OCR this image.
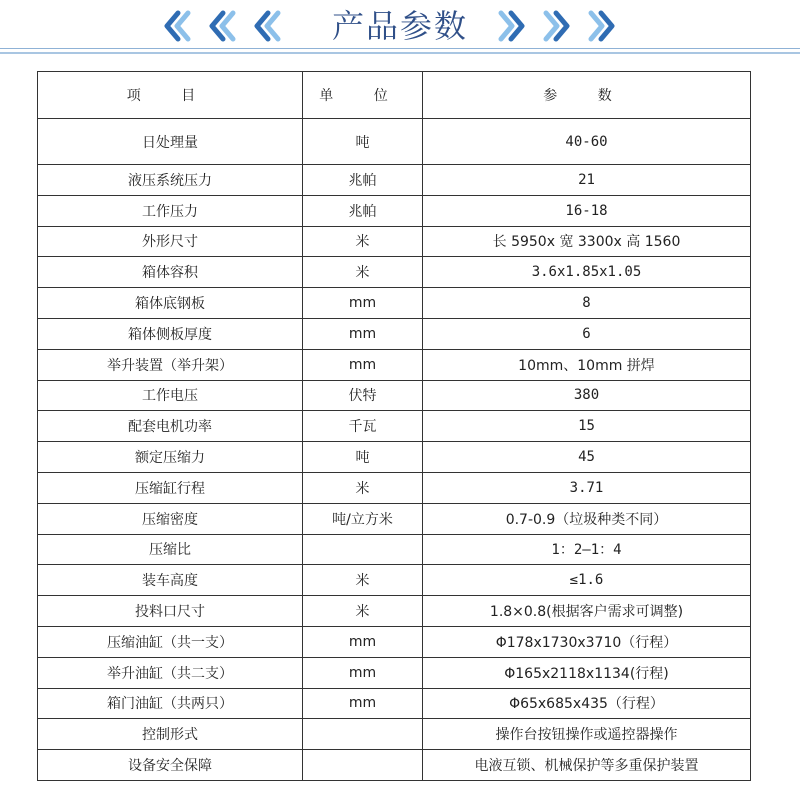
产品参数
项 目	单 位	参 数
日处理量	吨	40-60
液压系统压力	兆帕	21
工作压力	兆帕	16-18
外形尺寸	米	长 5950x 宽 3300x 高 1560
箱体容积	米	3.6x1.85x1.05
箱体底钢板	mm	8
箱体侧板厚度	mm	6
举升装置（举升架）	mm	10mm、10mm 拼焊
工作电压	伏特	380
配套电机功率	千瓦	15
额定压缩力	吨	45
压缩缸行程	米	3.71
压缩密度	吨/立方米	0.7-0.9（垃圾种类不同）
压缩比		1：2—1：4
装车高度	米	≤1.6
投料口尺寸	米	1.8×0.8(根据客户需求可调整)
压缩油缸（共一支）	mm	Φ178x1730x3710（行程）
举升油缸（共二支）	mm	Φ165x2118x1134(行程)
箱门油缸（共两只）	mm	Φ65x685x435（行程）
控制形式		操作台按钮操作或遥控器操作
设备安全保障		电液互锁、机械保护等多重保护装置
